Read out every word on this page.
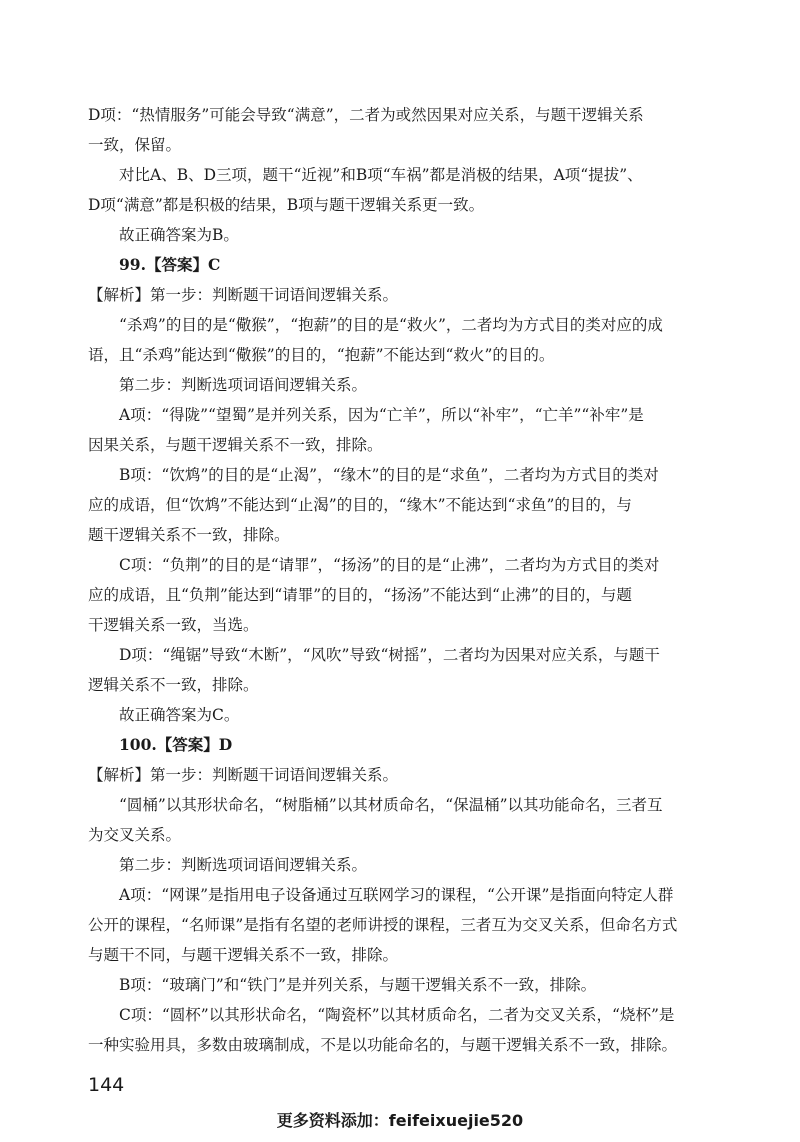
D项：“热情服务”可能会导致“满意”，二者为或然因果对应关系，与题干逻辑关系
一致，保留。
对比A、B、D三项，题干“近视”和B项“车祸”都是消极的结果，A项“提拔”、
D项“满意”都是积极的结果，B项与题干逻辑关系更一致。
故正确答案为B。
99.【答案】C
【解析】第一步：判断题干词语间逻辑关系。
“杀鸡”的目的是“儆猴”，“抱薪”的目的是“救火”，二者均为方式目的类对应的成
语，且“杀鸡”能达到“儆猴”的目的，“抱薪”不能达到“救火”的目的。
第二步：判断选项词语间逻辑关系。
A项：“得陇”“望蜀”是并列关系，因为“亡羊”，所以“补牢”，“亡羊”“补牢”是
因果关系，与题干逻辑关系不一致，排除。
B项：“饮鸩”的目的是“止渴”，“缘木”的目的是“求鱼”，二者均为方式目的类对
应的成语，但“饮鸩”不能达到“止渴”的目的，“缘木”不能达到“求鱼”的目的，与
题干逻辑关系不一致，排除。
C项：“负荆”的目的是“请罪”，“扬汤”的目的是“止沸”，二者均为方式目的类对
应的成语，且“负荆”能达到“请罪”的目的，“扬汤”不能达到“止沸”的目的，与题
干逻辑关系一致，当选。
D项：“绳锯”导致“木断”，“风吹”导致“树摇”，二者均为因果对应关系，与题干
逻辑关系不一致，排除。
故正确答案为C。
100.【答案】D
【解析】第一步：判断题干词语间逻辑关系。
“圆桶”以其形状命名，“树脂桶”以其材质命名，“保温桶”以其功能命名，三者互
为交叉关系。
第二步：判断选项词语间逻辑关系。
A项：“网课”是指用电子设备通过互联网学习的课程，“公开课”是指面向特定人群
公开的课程，“名师课”是指有名望的老师讲授的课程，三者互为交叉关系，但命名方式
与题干不同，与题干逻辑关系不一致，排除。
B项：“玻璃门”和“铁门”是并列关系，与题干逻辑关系不一致，排除。
C项：“圆杯”以其形状命名，“陶瓷杯”以其材质命名，二者为交叉关系，“烧杯”是
一种实验用具，多数由玻璃制成，不是以功能命名的，与题干逻辑关系不一致，排除。
144
更多资料添加：feifeixuejie520
